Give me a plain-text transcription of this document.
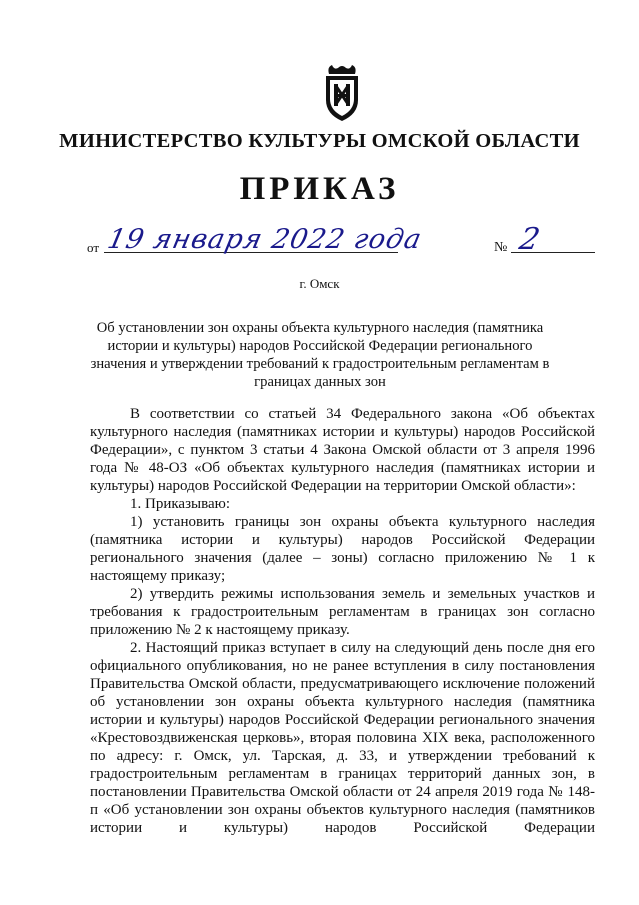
МИНИСТЕРСТВО КУЛЬТУРЫ ОМСКОЙ ОБЛАСТИ
ПРИКАЗ
от 19 января 2022 года	№ 2
г. Омск
Об установлении зон охраны объекта культурного наследия (памятника истории и культуры) народов Российской Федерации регионального значения и утверждении требований к градостроительным регламентам в границах данных зон

В соответствии со статьей 34 Федерального закона «Об объектах культурного наследия (памятниках истории и культуры) народов Российской Федерации», с пунктом 3 статьи 4 Закона Омской области от 3 апреля 1996 года № 48-ОЗ «Об объектах культурного наследия (памятниках истории и культуры) народов Российской Федерации на территории Омской области»:

1. Приказываю:

1) установить границы зон охраны объекта культурного наследия (памятника истории и культуры) народов Российской Федерации регионального значения (далее – зоны) согласно приложению № 1 к настоящему приказу;

2) утвердить режимы использования земель и земельных участков и требования к градостроительным регламентам в границах зон согласно приложению № 2 к настоящему приказу.

2. Настоящий приказ вступает в силу на следующий день после дня его официального опубликования, но не ранее вступления в силу постановления Правительства Омской области, предусматривающего исключение положений об установлении зон охраны объекта культурного наследия (памятника истории и культуры) народов Российской Федерации регионального значения «Крестовоздвиженская церковь», вторая половина XIX века, расположенного по адресу: г. Омск, ул. Тарская, д. 33, и утверждении требований к градостроительным регламентам в границах территорий данных зон, в постановлении Правительства Омской области от 24 апреля 2019 года № 148-п «Об установлении зон охраны объектов культурного наследия (памятников истории и культуры) народов Российской Федерации
